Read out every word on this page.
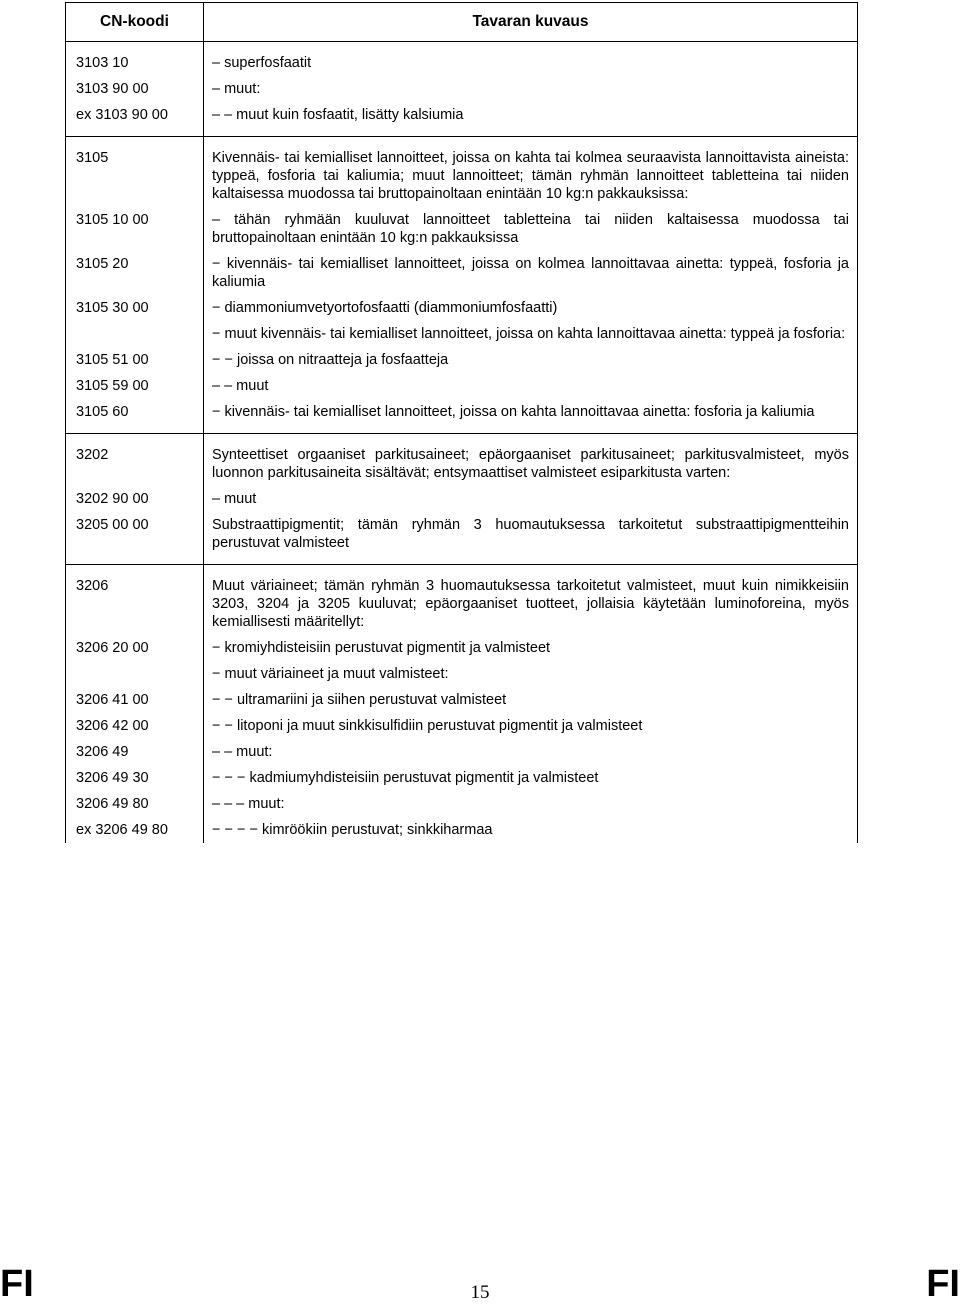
CN-koodi	Tavaran kuvaus
3103 10	– superfosfaatit
3103 90 00	– muut:
ex 3103 90 00	– – muut kuin fosfaatit, lisätty kalsiumia
3105	Kivennäis- tai kemialliset lannoitteet, joissa on kahta tai kolmea seuraavista lannoittavista aineista: typpeä, fosforia tai kaliumia; muut lannoitteet; tämän ryhmän lannoitteet tabletteina tai niiden kaltaisessa muodossa tai bruttopainoltaan enintään 10 kg:n pakkauksissa:
3105 10 00	– tähän ryhmään kuuluvat lannoitteet tabletteina tai niiden kaltaisessa muodossa tai bruttopainoltaan enintään 10 kg:n pakkauksissa
3105 20	− kivennäis- tai kemialliset lannoitteet, joissa on kolmea lannoittavaa ainetta: typpeä, fosforia ja kaliumia
3105 30 00	− diammoniumvetyortofosfaatti (diammoniumfosfaatti)
	− muut kivennäis- tai kemialliset lannoitteet, joissa on kahta lannoittavaa ainetta: typpeä ja fosforia:
3105 51 00	− − joissa on nitraatteja ja fosfaatteja
3105 59 00	– – muut
3105 60	− kivennäis- tai kemialliset lannoitteet, joissa on kahta lannoittavaa ainetta: fosforia ja kaliumia
3202	Synteettiset orgaaniset parkitusaineet; epäorgaaniset parkitusaineet; parkitusvalmisteet, myös luonnon parkitusaineita sisältävät; entsymaattiset valmisteet esiparkitusta varten:
3202 90 00	– muut
3205 00 00	Substraattipigmentit; tämän ryhmän 3 huomautuksessa tarkoitetut substraattipigmentteihin perustuvat valmisteet
3206	Muut väriaineet; tämän ryhmän 3 huomautuksessa tarkoitetut valmisteet, muut kuin nimikkeisiin 3203, 3204 ja 3205 kuuluvat; epäorgaaniset tuotteet, jollaisia käytetään luminoforeina, myös kemiallisesti määritellyt:
3206 20 00	− kromiyhdisteisiin perustuvat pigmentit ja valmisteet
	− muut väriaineet ja muut valmisteet:
3206 41 00	− − ultramariini ja siihen perustuvat valmisteet
3206 42 00	− − litoponi ja muut sinkkisulfidiin perustuvat pigmentit ja valmisteet
3206 49	– – muut:
3206 49 30	− − − kadmiumyhdisteisiin perustuvat pigmentit ja valmisteet
3206 49 80	– – – muut:
ex 3206 49 80	− − − − kimröökiin perustuvat; sinkkiharmaa
FI	15	FI
